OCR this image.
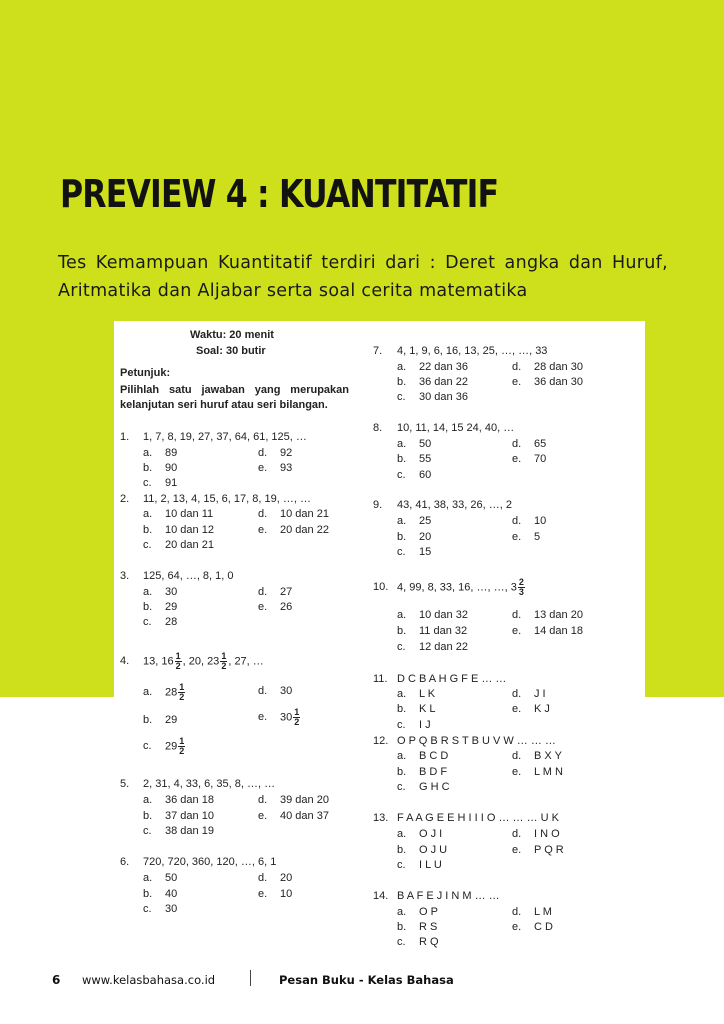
PREVIEW 4 : KUANTITATIF

Tes Kemampuan Kuantitatif terdiri dari : Deret angka dan Huruf, Aritmatika dan Aljabar serta soal cerita matematika

Waktu: 20 menit
Soal: 30 butir
Petunjuk:
Pilihlah satu jawaban yang merupakan
kelanjutan seri huruf atau seri bilangan.
1. 1, 7, 8, 19, 27, 37, 64, 61, 125, …
a. 89	d. 92
b. 90	e. 93
c. 91
2. 11, 2, 13, 4, 15, 6, 17, 8, 19, …, …
a. 10 dan 11	d. 10 dan 21
b. 10 dan 12	e. 20 dan 22
c. 20 dan 21
3. 125, 64, …, 8, 1, 0
a. 30	d. 27
b. 29	e. 26
c. 28
4. 13, $16 \frac{1}{2}$ , 20, $23 \frac{1}{2}$ , 27, …
a. $28 \frac{1}{2}$	d. 30
b. 29	e. $30 \frac{1}{2}$
c. $29 \frac{1}{2}$
5. 2, 31, 4, 33, 6, 35, 8, …, …
a. 36 dan 18	d. 39 dan 20
b. 37 dan 10	e. 40 dan 37
c. 38 dan 19
6. 720, 720, 360, 120, …, 6, 1
a. 50	d. 20
b. 40	e. 10
c. 30
7. 4, 1, 9, 6, 16, 13, 25, …, …, 33
a. 22 dan 36	d. 28 dan 30
b. 36 dan 22	e. 36 dan 30
c. 30 dan 36
8. 10, 11, 14, 15 24, 40, …
a. 50	d. 65
b. 55	e. 70
c. 60
9. 43, 41, 38, 33, 26, …, 2
a. 25	d. 10
b. 20	e. 5
c. 15
10. 4, 99, 8, 33, 16, …, …, $3 \frac{2}{3}$
a. 10 dan 32	d. 13 dan 20
b. 11 dan 32	e. 14 dan 18
c. 12 dan 22
11. D C B A H G F E … …
a. L K	d. J I
b. K L	e. K J
c. I J
12. O P Q B R S T B U V W … … …
a. B C D	d. B X Y
b. B D F	e. L M N
c. G H C
13. F A A G E E H I I I O … … … U K
a. O J I	d. I N O
b. O J U	e. P Q R
c. I L U
14. B A F E J I N M … …
a. O P	d. L M
b. R S	e. C D
c. R Q
6 www.kelasbahasa.co.id	Pesan Buku - Kelas Bahasa
